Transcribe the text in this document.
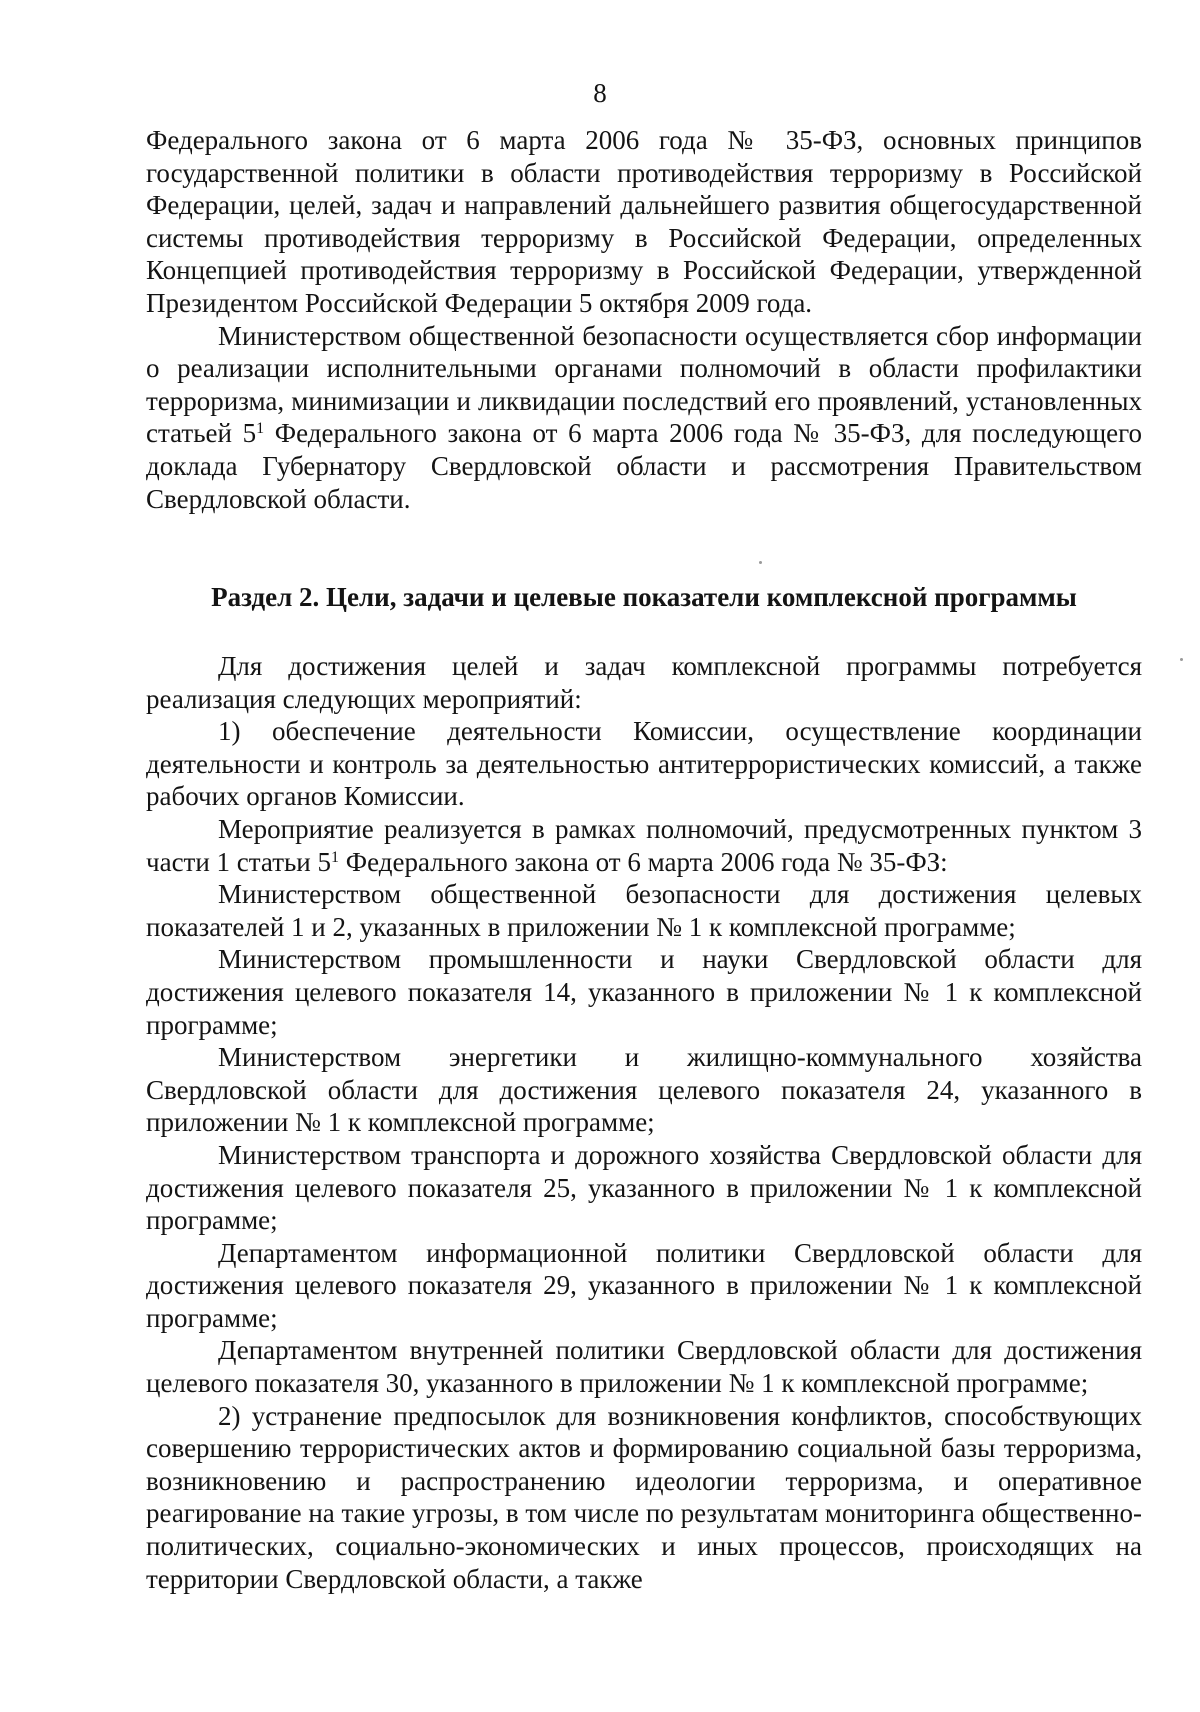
8

Федерального закона от 6 марта 2006 года № 35-ФЗ, основных принципов государственной политики в области противодействия терроризму в Российской Федерации, целей, задач и направлений дальнейшего развития общегосударственной системы противодействия терроризму в Российской Федерации, определенных Концепцией противодействия терроризму в Российской Федерации, утвержденной Президентом Российской Федерации 5 октября 2009 года.

Министерством общественной безопасности осуществляется сбор информации о реализации исполнительными органами полномочий в области профилактики терроризма, минимизации и ликвидации последствий его проявлений, установленных статьей $5^1$ Федерального закона от 6 марта 2006 года № 35-ФЗ, для последующего доклада Губернатору Свердловской области и рассмотрения Правительством Свердловской области.

Раздел 2. Цели, задачи и целевые показатели комплексной программы

Для достижения целей и задач комплексной программы потребуется реализация следующих мероприятий:

1) обеспечение деятельности Комиссии, осуществление координации деятельности и контроль за деятельностью антитеррористических комиссий, а также рабочих органов Комиссии.

Мероприятие реализуется в рамках полномочий, предусмотренных пунктом 3 части 1 статьи $5^1$ Федерального закона от 6 марта 2006 года № 35-ФЗ:

Министерством общественной безопасности для достижения целевых показателей 1 и 2, указанных в приложении № 1 к комплексной программе;

Министерством промышленности и науки Свердловской области для достижения целевого показателя 14, указанного в приложении № 1 к комплексной программе;

Министерством энергетики и жилищно-коммунального хозяйства Свердловской области для достижения целевого показателя 24, указанного в приложении № 1 к комплексной программе;

Министерством транспорта и дорожного хозяйства Свердловской области для достижения целевого показателя 25, указанного в приложении № 1 к комплексной программе;

Департаментом информационной политики Свердловской области для достижения целевого показателя 29, указанного в приложении № 1 к комплексной программе;

Департаментом внутренней политики Свердловской области для достижения целевого показателя 30, указанного в приложении № 1 к комплексной программе;

2) устранение предпосылок для возникновения конфликтов, способствующих совершению террористических актов и формированию социальной базы терроризма, возникновению и распространению идеологии терроризма, и оперативное реагирование на такие угрозы, в том числе по результатам мониторинга общественно-политических, социально-экономических и иных процессов, происходящих на территории Свердловской области, а также
